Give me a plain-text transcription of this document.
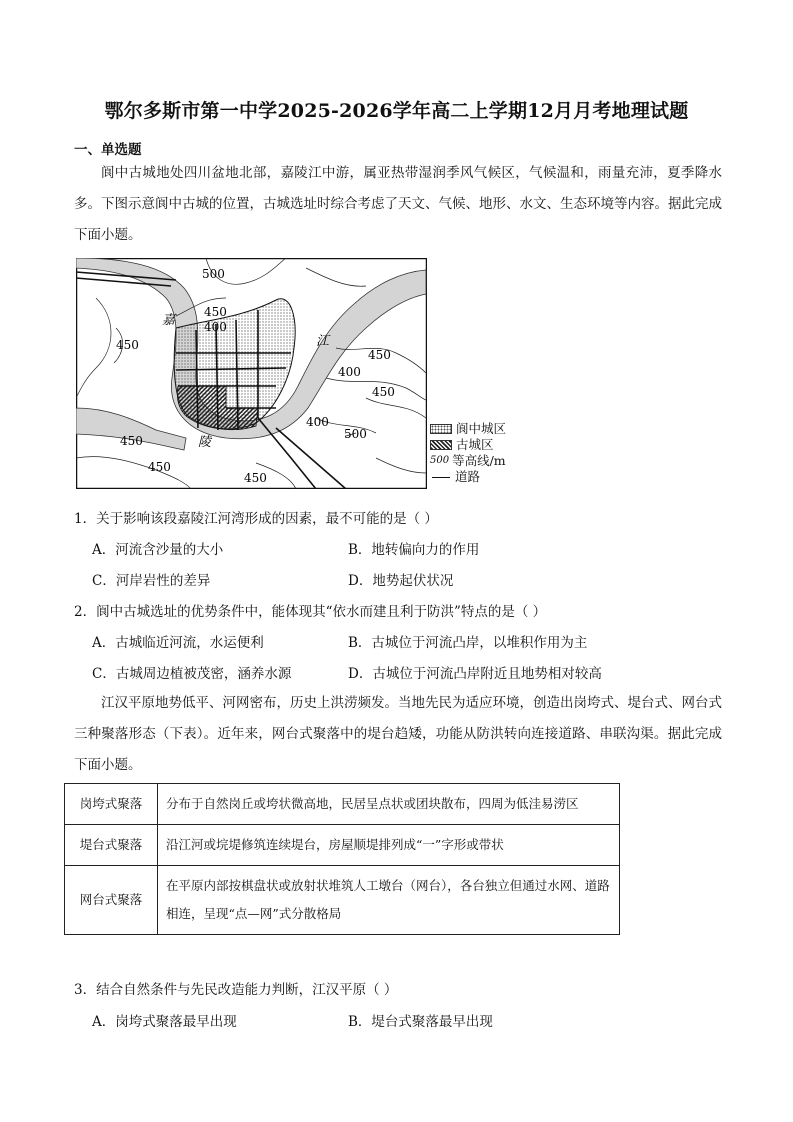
鄂尔多斯市第一中学2025-2026学年高二上学期12月月考地理试题
一、单选题
阆中古城地处四川盆地北部，嘉陵江中游，属亚热带湿润季风气候区，气候温和，雨量充沛，夏季降水多。下图示意阆中古城的位置，古城选址时综合考虑了天文、气候、地形、水文、生态环境等内容。据此完成下面小题。
嘉
江
陵
500
450
400
450
400
450
400
450
450	500
450
450
阆中城区
古城区
500 等高线/m
道路
1．关于影响该段嘉陵江河湾形成的因素，最不可能的是（ ）
A．河流含沙量的大小	B．地转偏向力的作用
C．河岸岩性的差异	D．地势起伏状况
2．阆中古城选址的优势条件中，能体现其“依水而建且利于防洪”特点的是（ ）
A．古城临近河流，水运便利	B．古城位于河流凸岸，以堆积作用为主
C．古城周边植被茂密，涵养水源	D．古城位于河流凸岸附近且地势相对较高
江汉平原地势低平、河网密布，历史上洪涝频发。当地先民为适应环境，创造出岗垮式、堤台式、网台式三种聚落形态（下表）。近年来，网台式聚落中的堤台趋矮，功能从防洪转向连接道路、串联沟渠。据此完成下面小题。
岗垮式聚落	分布于自然岗丘或垮状微高地，民居呈点状或团块散布，四周为低洼易涝区
堤台式聚落	沿江河或垸堤修筑连续堤台，房屋顺堤排列成“一”字形或带状
网台式聚落	在平原内部按棋盘状或放射状堆筑人工墩台（网台），各台独立但通过水网、道路相连，呈现“点—网”式分散格局
3．结合自然条件与先民改造能力判断，江汉平原（ ）
A．岗垮式聚落最早出现	B．堤台式聚落最早出现
